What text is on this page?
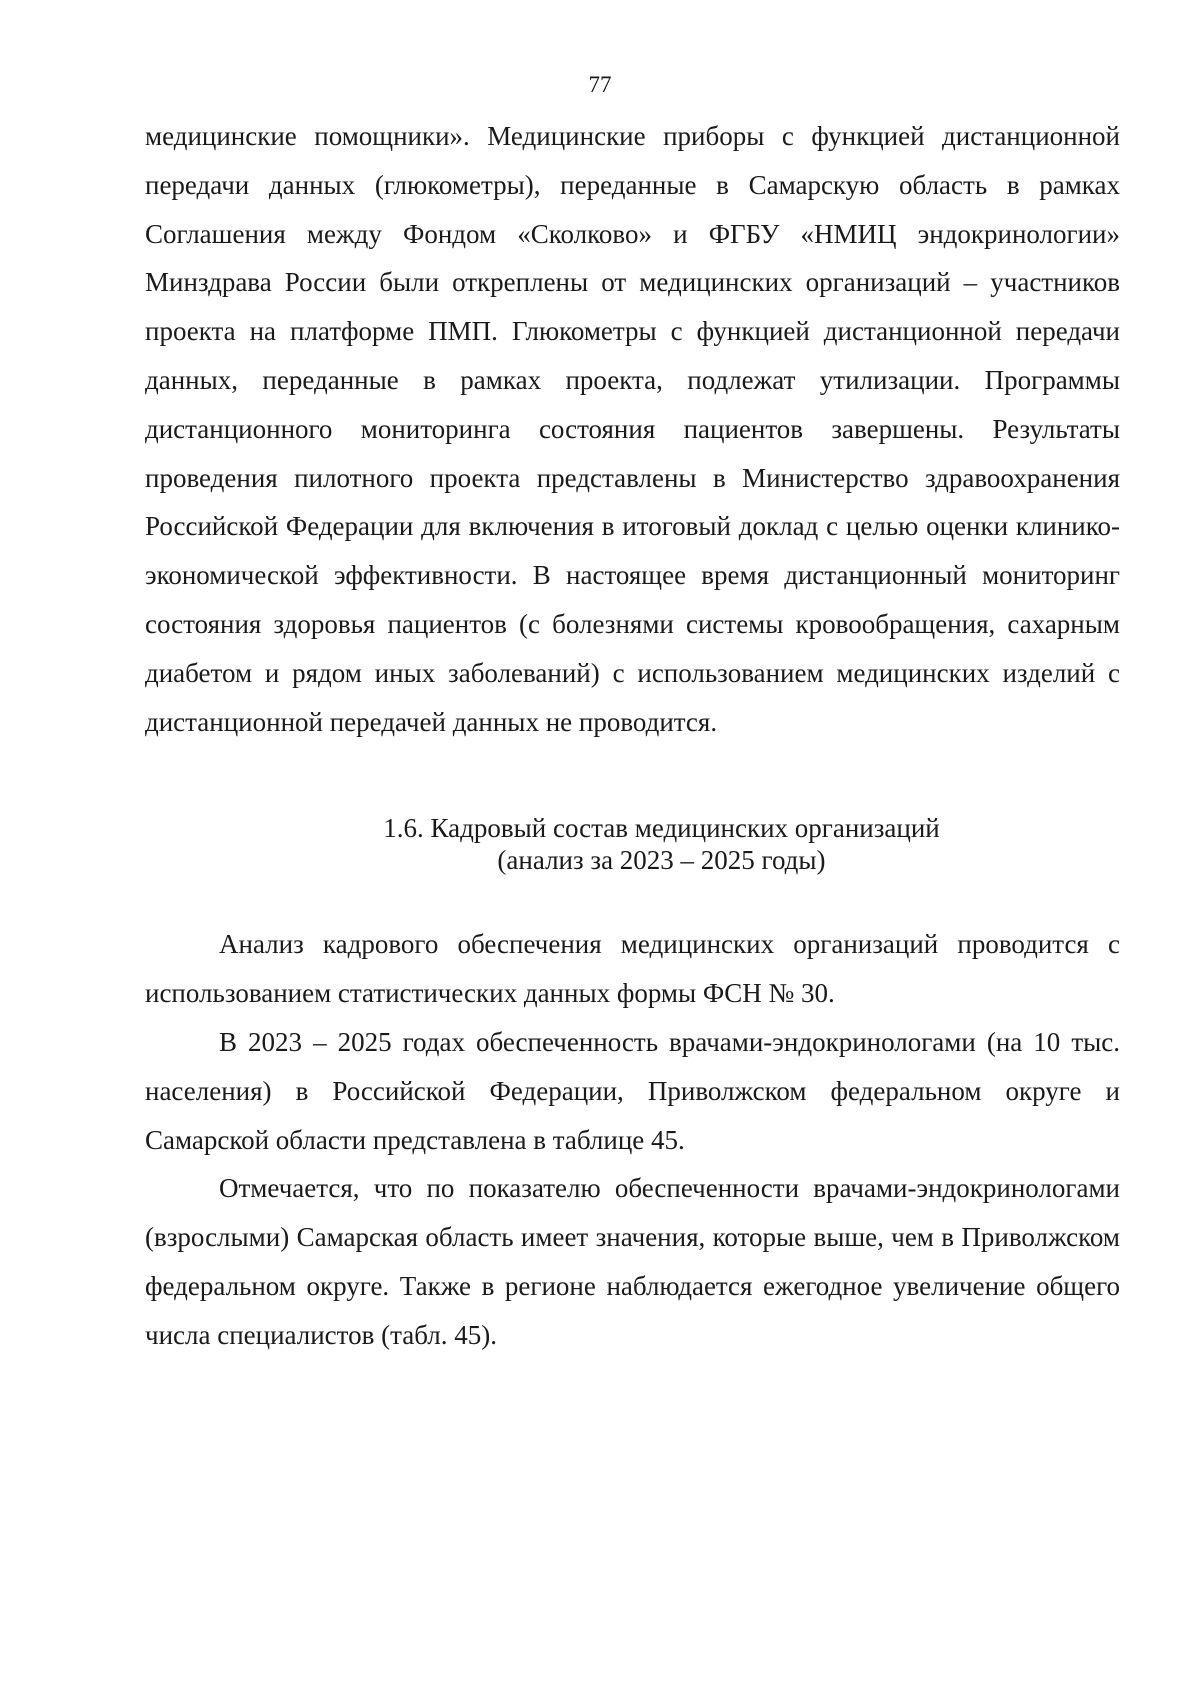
77

медицинские помощники». Медицинские приборы с функцией дистанционной передачи данных (глюкометры), переданные в Самарскую область в рамках Соглашения между Фондом «Сколково» и ФГБУ «НМИЦ эндокринологии» Минздрава России были откреплены от медицинских организаций – участников проекта на платформе ПМП. Глюкометры с функцией дистанционной передачи данных, переданные в рамках проекта, подлежат утилизации. Программы дистанционного мониторинга состояния пациентов завершены. Результаты проведения пилотного проекта представлены в Министерство здравоохранения Российской Федерации для включения в итоговый доклад с целью оценки клинико-экономической эффективности. В настоящее время дистанционный мониторинг состояния здоровья пациентов (с болезнями системы кровообращения, сахарным диабетом и рядом иных заболеваний) с использованием медицинских изделий с дистанционной передачей данных не проводится.

1.6. Кадровый состав медицинских организаций
(анализ за 2023 – 2025 годы)

Анализ кадрового обеспечения медицинских организаций проводится с использованием статистических данных формы ФСН № 30.

В 2023 – 2025 годах обеспеченность врачами-эндокринологами (на 10 тыс. населения) в Российской Федерации, Приволжском федеральном округе и Самарской области представлена в таблице 45.

Отмечается, что по показателю обеспеченности врачами-эндокринологами (взрослыми) Самарская область имеет значения, которые выше, чем в Приволжском федеральном округе. Также в регионе наблюдается ежегодное увеличение общего числа специалистов (табл. 45).
